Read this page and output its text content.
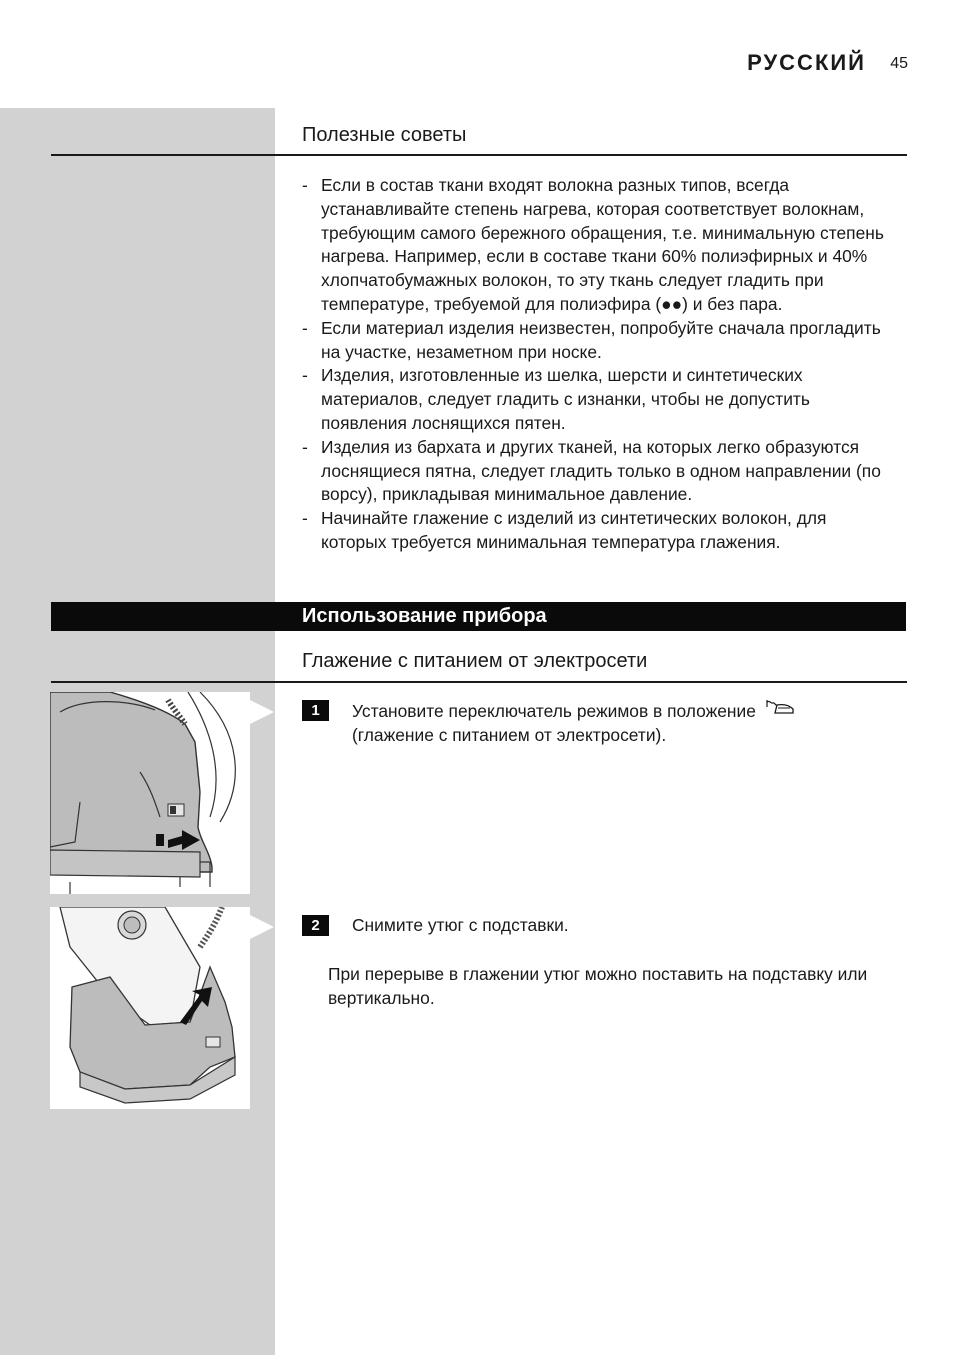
РУССКИЙ 45

Полезные советы
- Если в состав ткани входят волокна разных типов, всегда устанавливайте степень нагрева, которая соответствует волокнам, требующим самого бережного обращения, т.е. минимальную степень нагрева. Например, если в составе ткани 60% полиэфирных и 40% хлопчатобумажных волокон, то эту ткань следует гладить при температуре, требуемой для полиэфира (●●) и без пара.
- Если материал изделия неизвестен, попробуйте сначала прогладить на участке, незаметном при носке.
- Изделия, изготовленные из шелка, шерсти и синтетических материалов, следует гладить с изнанки, чтобы не допустить появления лоснящихся пятен.
- Изделия из бархата и других тканей, на которых легко образуются лоснящиеся пятна, следует гладить только в одном направлении (по ворсу), прикладывая минимальное давление.
- Начинайте глажение с изделий из синтетических волокон, для которых требуется минимальная температура глажения.
Использование прибора
Глажение с питанием от электросети
1	Установите переключатель режимов в положение
(глажение с питанием от электросети).

2	Снимите утюг с подставки.

При перерыве в глажении утюг можно поставить на подставку или вертикально.
